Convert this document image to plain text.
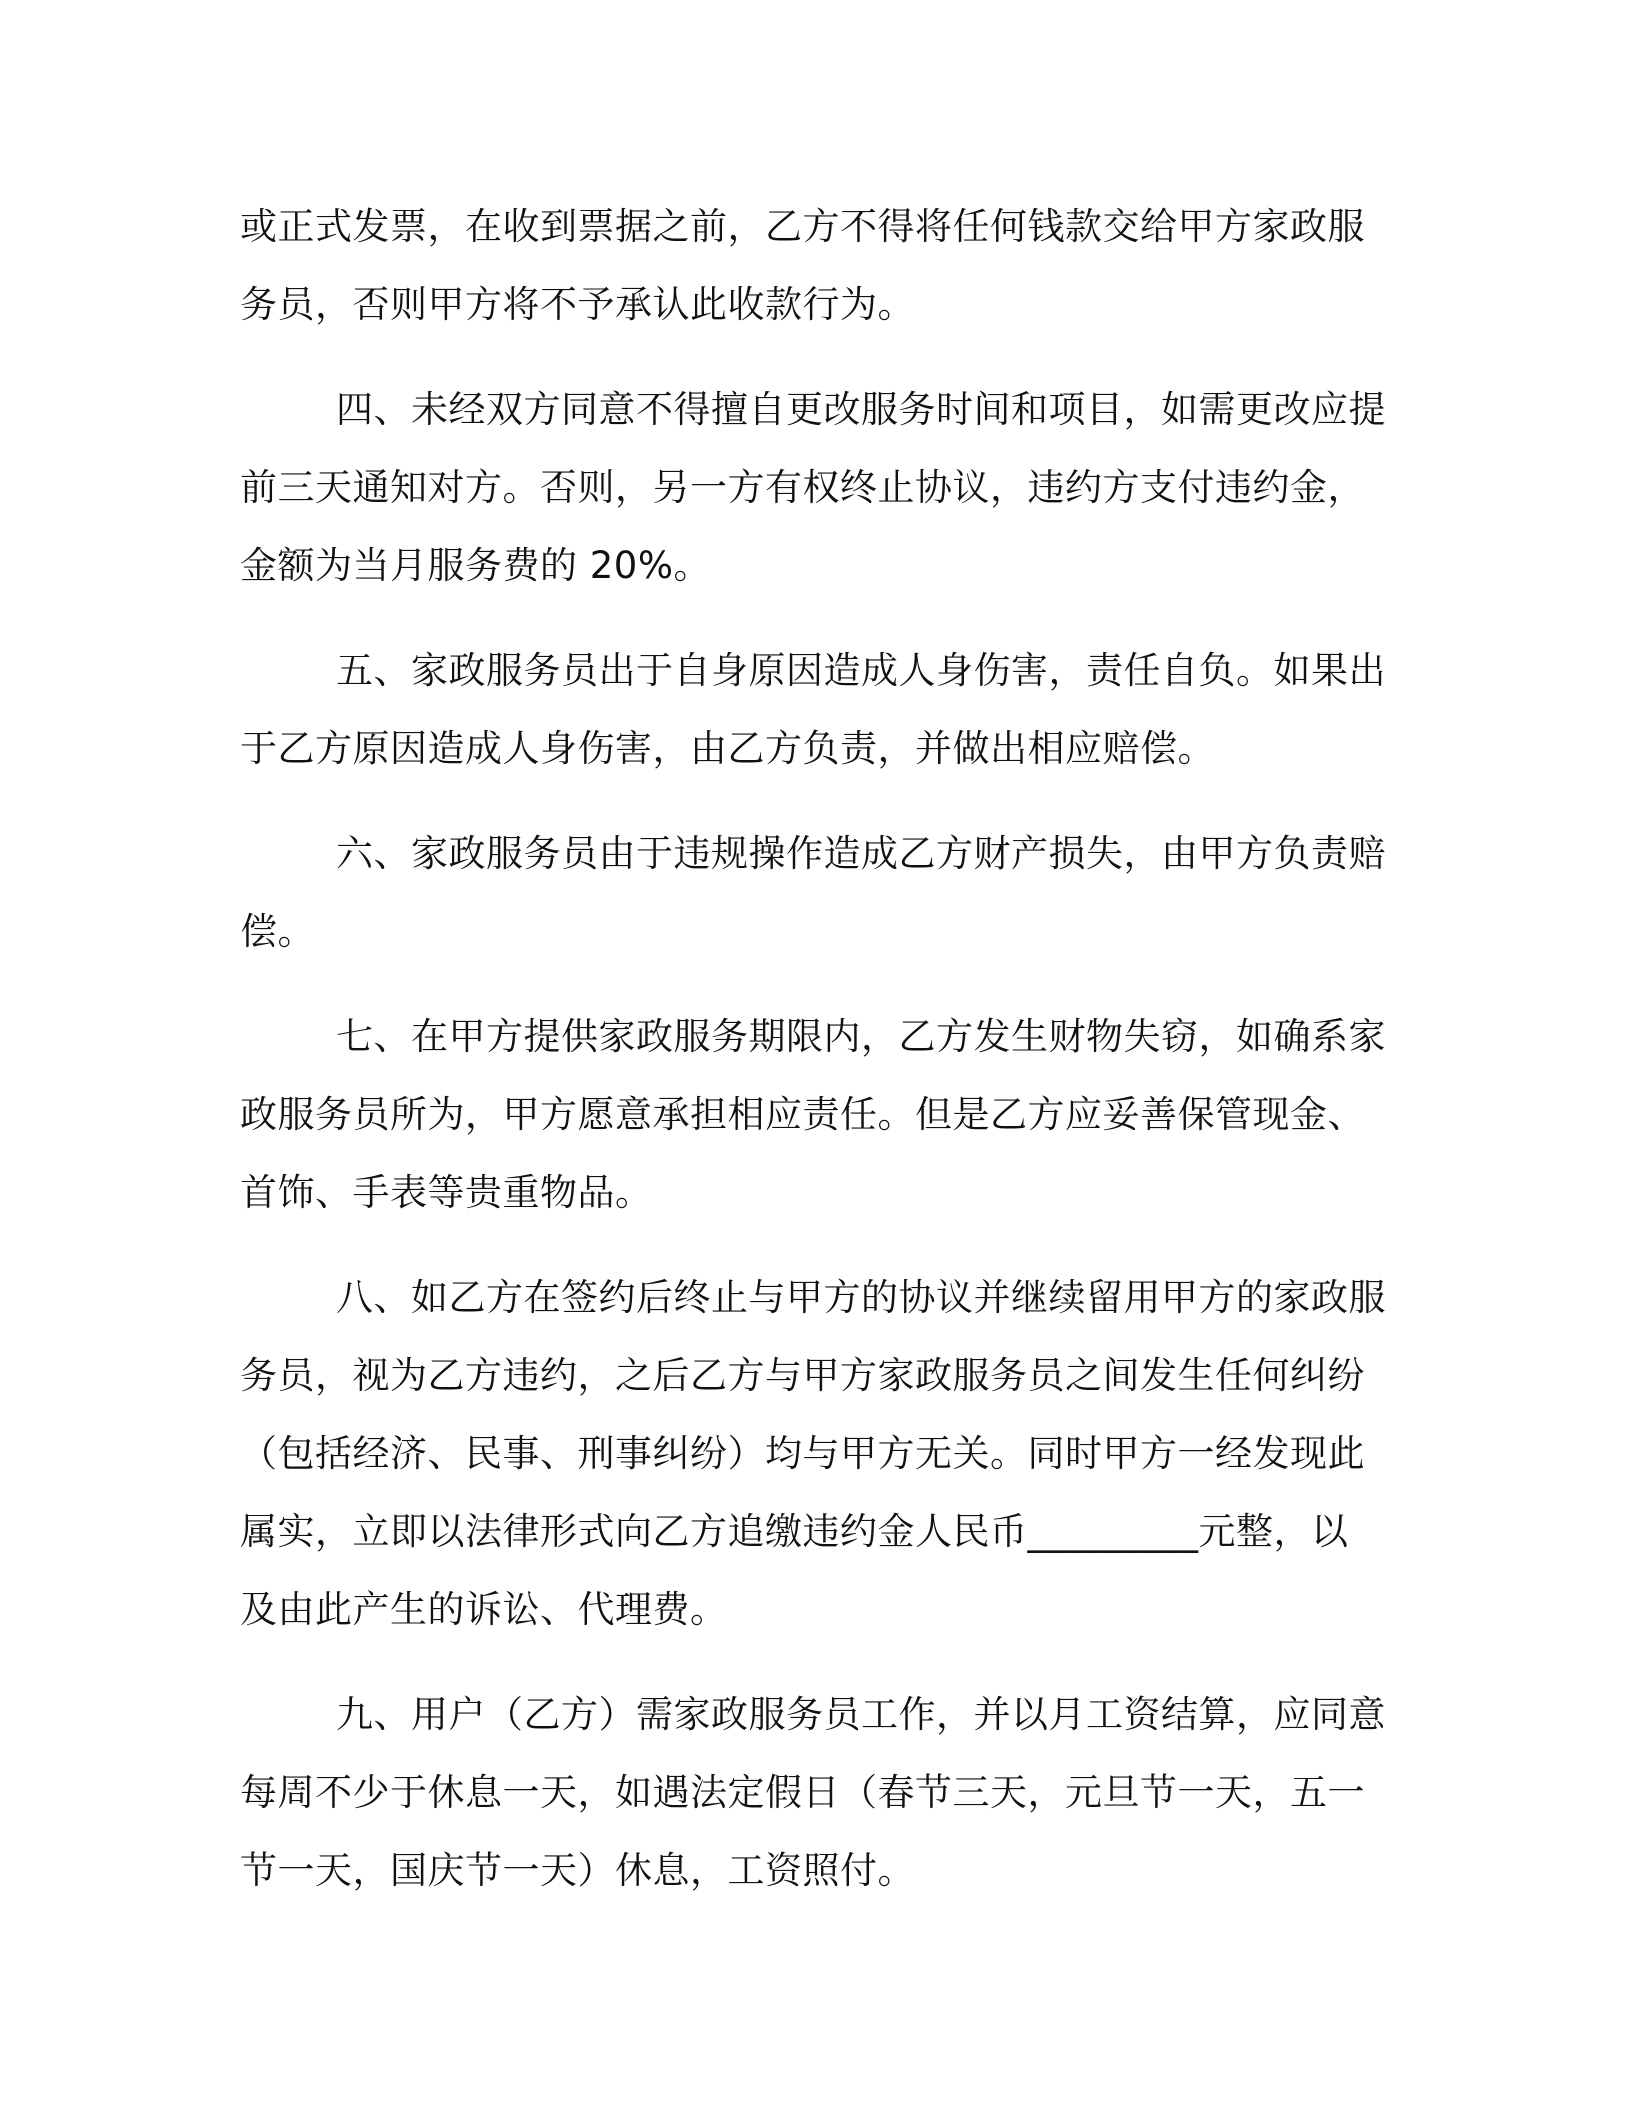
或正式发票，在收到票据之前，乙方不得将任何钱款交给甲方家政服
务员，否则甲方将不予承认此收款行为。
四、未经双方同意不得擅自更改服务时间和项目，如需更改应提
前三天通知对方。否则，另一方有权终止协议，违约方支付违约金，
金额为当月服务费的 20%。
五、家政服务员出于自身原因造成人身伤害，责任自负。如果出
于乙方原因造成人身伤害，由乙方负责，并做出相应赔偿。
六、家政服务员由于违规操作造成乙方财产损失，由甲方负责赔
偿。
七、在甲方提供家政服务期限内，乙方发生财物失窃，如确系家
政服务员所为，甲方愿意承担相应责任。但是乙方应妥善保管现金、
首饰、手表等贵重物品。
八、如乙方在签约后终止与甲方的协议并继续留用甲方的家政服
务员，视为乙方违约，之后乙方与甲方家政服务员之间发生任何纠纷
（包括经济、民事、刑事纠纷）均与甲方无关。同时甲方一经发现此
属实，立即以法律形式向乙方追缴违约金人民币_________元整，以
及由此产生的诉讼、代理费。
九、用户（乙方）需家政服务员工作，并以月工资结算，应同意
每周不少于休息一天，如遇法定假日（春节三天，元旦节一天，五一
节一天，国庆节一天）休息，工资照付。
